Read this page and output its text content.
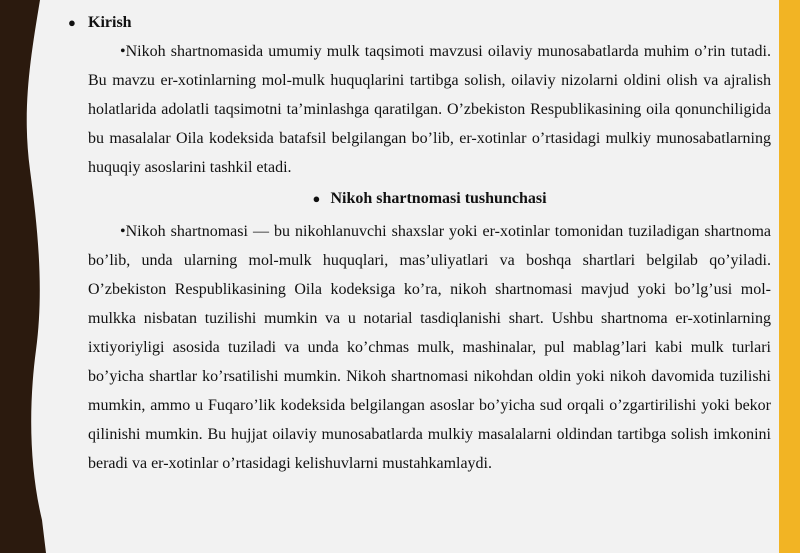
● Kirish

•Nikoh shartnomasida umumiy mulk taqsimoti mavzusi oilaviy munosabatlarda muhim o’rin tutadi. Bu mavzu er-xotinlarning mol-mulk huquqlarini tartibga solish, oilaviy nizolarni oldini olish va ajralish holatlarida adolatli taqsimotni ta’minlashga qaratilgan. O’zbekiston Respublikasining oila qonunchiligida bu masalalar Oila kodeksida batafsil belgilangan bo’lib, er-xotinlar o’rtasidagi mulkiy munosabatlarning huquqiy asoslarini tashkil etadi.

● Nikoh shartnomasi tushunchasi

•Nikoh shartnomasi — bu nikohlanuvchi shaxslar yoki er-xotinlar tomonidan tuziladigan shartnoma bo’lib, unda ularning mol-mulk huquqlari, mas’uliyatlari va boshqa shartlari belgilab qo’yiladi. O’zbekiston Respublikasining Oila kodeksiga ko’ra, nikoh shartnomasi mavjud yoki bo’lg’usi mol-mulkka nisbatan tuzilishi mumkin va u notarial tasdiqlanishi shart. Ushbu shartnoma er-xotinlarning ixtiyoriyligi asosida tuziladi va unda ko’chmas mulk, mashinalar, pul mablag’lari kabi mulk turlari bo’yicha shartlar ko’rsatilishi mumkin. Nikoh shartnomasi nikohdan oldin yoki nikoh davomida tuzilishi mumkin, ammo u Fuqaro’lik kodeksida belgilangan asoslar bo’yicha sud orqali o’zgartirilishi yoki bekor qilinishi mumkin. Bu hujjat oilaviy munosabatlarda mulkiy masalalarni oldindan tartibga solish imkonini beradi va er-xotinlar o’rtasidagi kelishuvlarni mustahkamlaydi.
